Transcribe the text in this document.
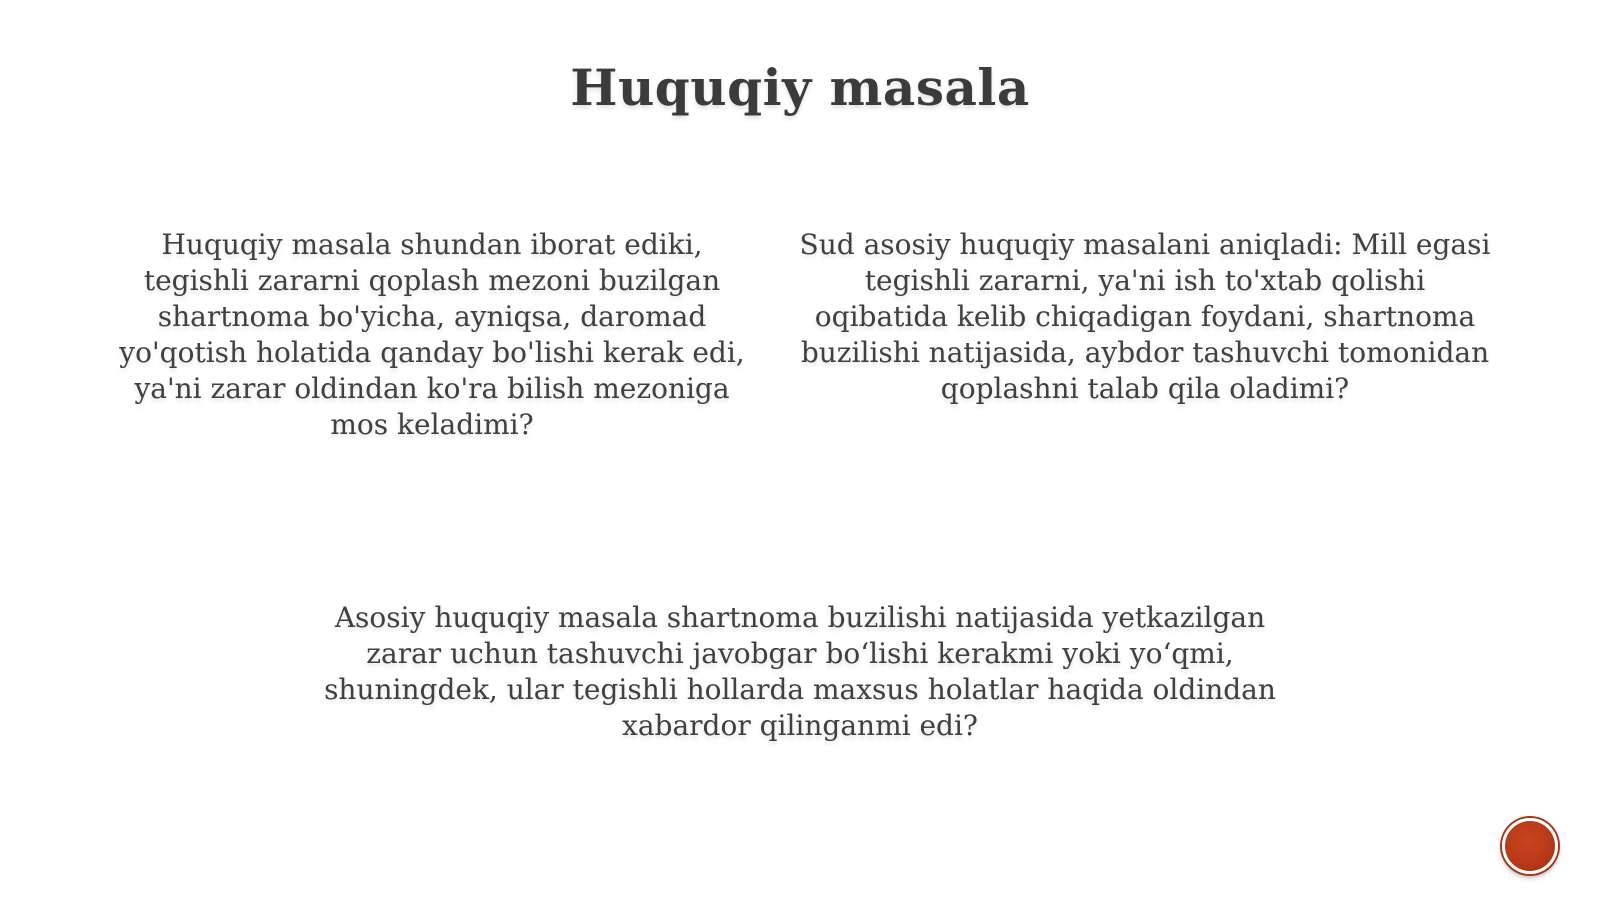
Huquqiy masala
Huquqiy masala shundan iborat ediki, tegishli zararni qoplash mezoni buzilgan shartnoma bo'yicha, ayniqsa, daromad yo'qotish holatida qanday bo'lishi kerak edi, ya'ni zarar oldindan ko'ra bilish mezoniga mos keladimi?
Sud asosiy huquqiy masalani aniqladi: Mill egasi tegishli zararni, ya'ni ish to'xtab qolishi oqibatida kelib chiqadigan foydani, shartnoma buzilishi natijasida, aybdor tashuvchi tomonidan qoplashni talab qila oladimi?
Asosiy huquqiy masala shartnoma buzilishi natijasida yetkazilgan zarar uchun tashuvchi javobgar bo‘lishi kerakmi yoki yo‘qmi, shuningdek, ular tegishli hollarda maxsus holatlar haqida oldindan xabardor qilinganmi edi?
